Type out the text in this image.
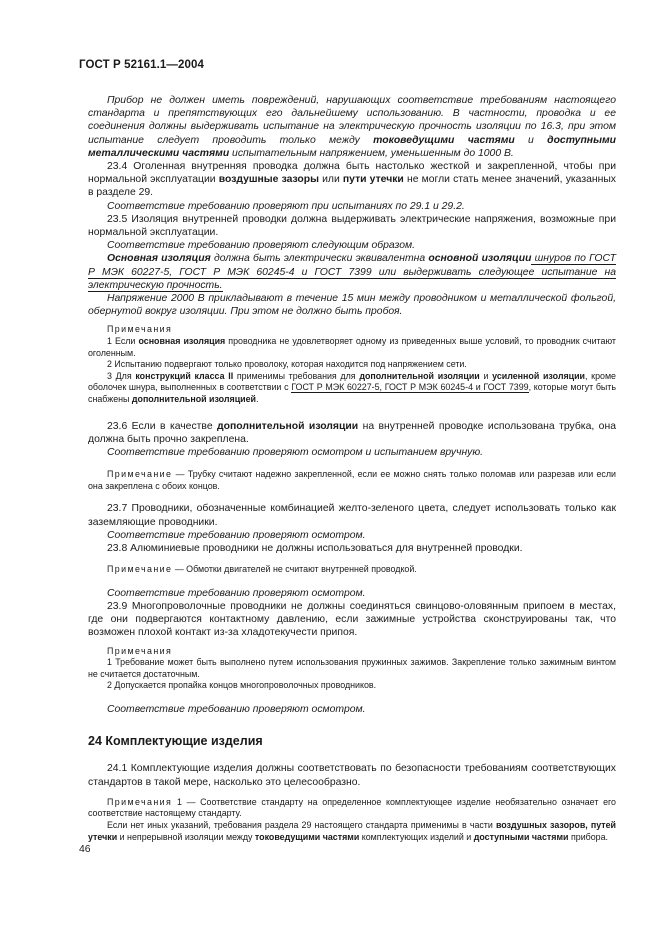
ГОСТ Р 52161.1—2004

Прибор не должен иметь повреждений, нарушающих соответствие требованиям настоящего стандарта и препятствующих его дальнейшему использованию. В частности, проводка и ее соединения должны выдерживать испытание на электрическую прочность изоляции по 16.3, при этом испытание следует проводить только между токоведущими частями и доступными металлическими частями испытательным напряжением, уменьшенным до 1000 В.

23.4 Оголенная внутренняя проводка должна быть настолько жесткой и закрепленной, чтобы при нормальной эксплуатации воздушные зазоры или пути утечки не могли стать менее значений, указанных в разделе 29.

Соответствие требованию проверяют при испытаниях по 29.1 и 29.2.

23.5 Изоляция внутренней проводки должна выдерживать электрические напряжения, возможные при нормальной эксплуатации.

Соответствие требованию проверяют следующим образом.

Основная изоляция должна быть электрически эквивалентна основной изоляции шнуров по ГОСТ Р МЭК 60227-5, ГОСТ Р МЭК 60245-4 и ГОСТ 7399 или выдерживать следующее испытание на электрическую прочность.

Напряжение 2000 В прикладывают в течение 15 мин между проводником и металлической фольгой, обернутой вокруг изоляции. При этом не должно быть пробоя.

Примечания

1 Если основная изоляция проводника не удовлетворяет одному из приведенных выше условий, то проводник считают оголенным.

2 Испытанию подвергают только проволоку, которая находится под напряжением сети.

3 Для конструкций класса II применимы требования для дополнительной изоляции и усиленной изоляции, кроме оболочек шнура, выполненных в соответствии с ГОСТ Р МЭК 60227-5, ГОСТ Р МЭК 60245-4 и ГОСТ 7399, которые могут быть снабжены дополнительной изоляцией.

23.6 Если в качестве дополнительной изоляции на внутренней проводке использована трубка, она должна быть прочно закреплена.

Соответствие требованию проверяют осмотром и испытанием вручную.

Примечание — Трубку считают надежно закрепленной, если ее можно снять только поломав или разрезав или если она закреплена с обоих концов.

23.7 Проводники, обозначенные комбинацией желто-зеленого цвета, следует использовать только как заземляющие проводники.

Соответствие требованию проверяют осмотром.

23.8 Алюминиевые проводники не должны использоваться для внутренней проводки.

Примечание — Обмотки двигателей не считают внутренней проводкой.

Соответствие требованию проверяют осмотром.

23.9 Многопроволочные проводники не должны соединяться свинцово-оловянным припоем в местах, где они подвергаются контактному давлению, если зажимные устройства сконструированы так, что возможен плохой контакт из-за хладотекучести припоя.

Примечания

1 Требование может быть выполнено путем использования пружинных зажимов. Закрепление только зажимным винтом не считается достаточным.

2 Допускается пропайка концов многопроволочных проводников.

Соответствие требованию проверяют осмотром.

24 Комплектующие изделия

24.1 Комплектующие изделия должны соответствовать по безопасности требованиям соответствующих стандартов в такой мере, насколько это целесообразно.

Примечания 1 — Соответствие стандарту на определенное комплектующее изделие необязательно означает его соответствие настоящему стандарту.

Если нет иных указаний, требования раздела 29 настоящего стандарта применимы в части воздушных зазоров, путей утечки и непрерывной изоляции между токоведущими частями комплектующих изделий и доступными частями прибора.

46
